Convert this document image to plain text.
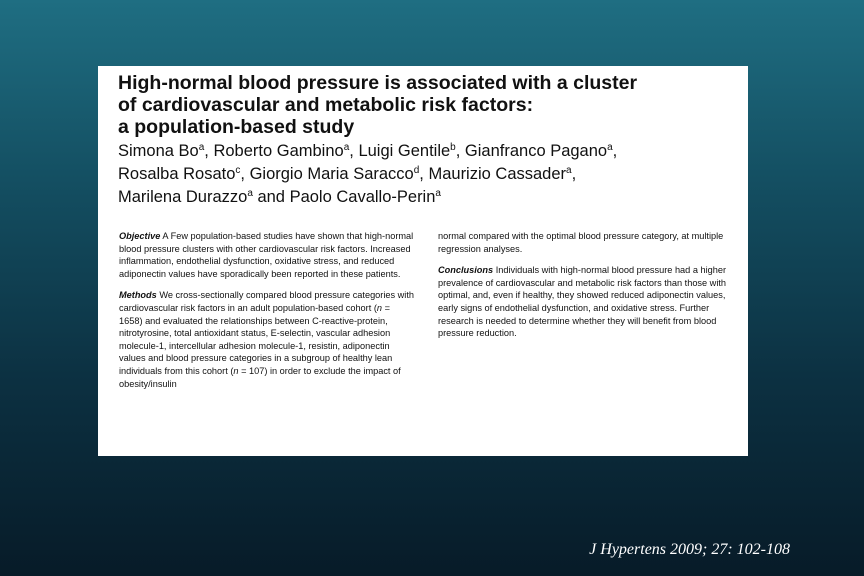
High-normal blood pressure is associated with a cluster
of cardiovascular and metabolic risk factors:
a population-based study
Simona Bo$^a$, Roberto Gambino$^a$, Luigi Gentile$^b$, Gianfranco Pagano$^a$,
Rosalba Rosato$^c$, Giorgio Maria Saracco$^d$, Maurizio Cassader$^a$,
Marilena Durazzo$^a$ and Paolo Cavallo-Perin$^a$

Objective A Few population-based studies have shown that high-normal blood pressure clusters with other cardiovascular risk factors. Increased inflammation, endothelial dysfunction, oxidative stress, and reduced adiponectin values have sporadically been reported in these patients.

Methods We cross-sectionally compared blood pressure categories with cardiovascular risk factors in an adult population-based cohort (n = 1658) and evaluated the relationships between C-reactive-protein, nitrotyrosine, total antioxidant status, E-selectin, vascular adhesion molecule-1, intercellular adhesion molecule-1, resistin, adiponectin values and blood pressure categories in a subgroup of healthy lean individuals from this cohort (n = 107) in order to exclude the impact of obesity/insulin

normal compared with the optimal blood pressure category, at multiple regression analyses.

Conclusions Individuals with high-normal blood pressure had a higher prevalence of cardiovascular and metabolic risk factors than those with optimal, and, even if healthy, they showed reduced adiponectin values, early signs of endothelial dysfunction, and oxidative stress. Further research is needed to determine whether they will benefit from blood pressure reduction.

J Hypertens 2009; 27: 102-108
